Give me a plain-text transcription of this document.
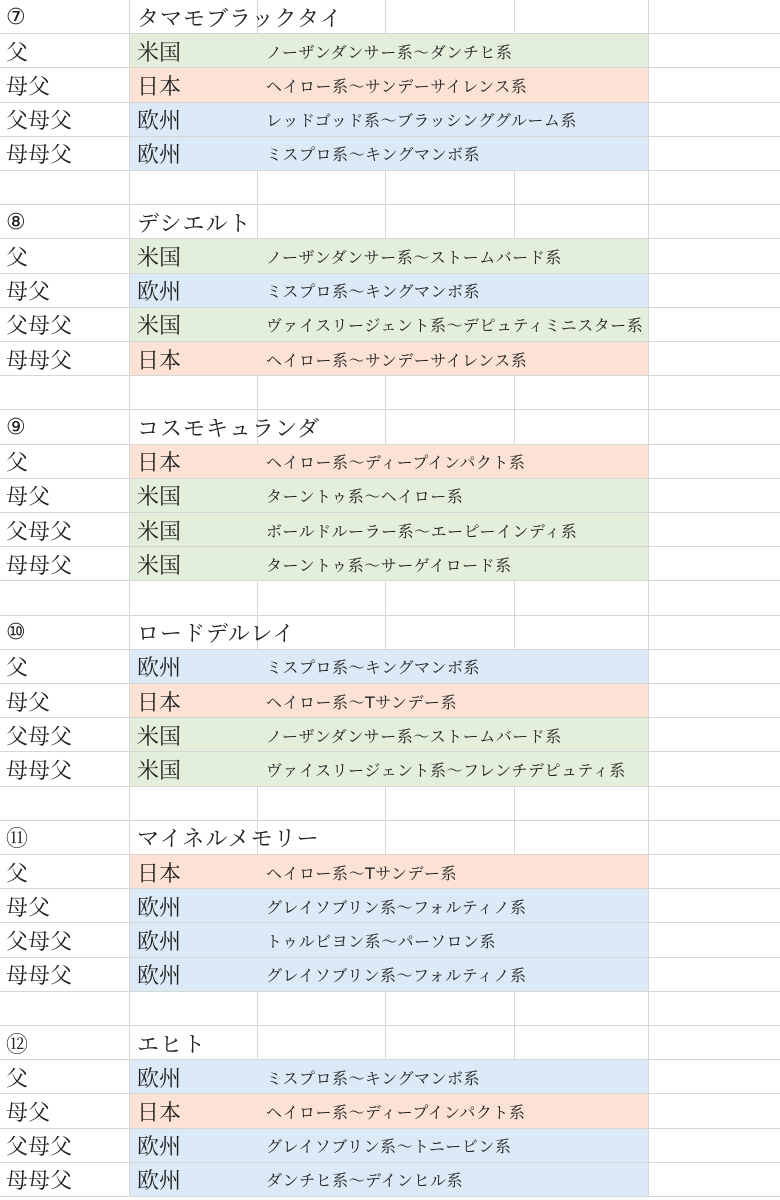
⑦	タマモブラックタイ
父	米国	ノーザンダンサー系～ダンチヒ系
母父	日本	ヘイロー系～サンデーサイレンス系
父母父	欧州	レッドゴッド系～ブラッシンググルーム系
母母父	欧州	ミスプロ系～キングマンボ系
⑧	デシエルト
父	米国	ノーザンダンサー系～ストームバード系
母父	欧州	ミスプロ系～キングマンボ系
父母父	米国	ヴァイスリージェント系～デピュティミニスター系
母母父	日本	ヘイロー系～サンデーサイレンス系
⑨	コスモキュランダ
父	日本	ヘイロー系～ディープインパクト系
母父	米国	ターントゥ系～ヘイロー系
父母父	米国	ボールドルーラー系～エーピーインディ系
母母父	米国	ターントゥ系～サーゲイロード系
⑩	ロードデルレイ
父	欧州	ミスプロ系～キングマンボ系
母父	日本	ヘイロー系～Tサンデー系
父母父	米国	ノーザンダンサー系～ストームバード系
母母父	米国	ヴァイスリージェント系～フレンチデピュティ系
⑪	マイネルメモリー
父	日本	ヘイロー系～Tサンデー系
母父	欧州	グレイソブリン系～フォルティノ系
父母父	欧州	トゥルビヨン系～パーソロン系
母母父	欧州	グレイソブリン系～フォルティノ系
⑫	エヒト
父	欧州	ミスプロ系～キングマンボ系
母父	日本	ヘイロー系～ディープインパクト系
父母父	欧州	グレイソブリン系～トニービン系
母母父	欧州	ダンチヒ系～デインヒル系
